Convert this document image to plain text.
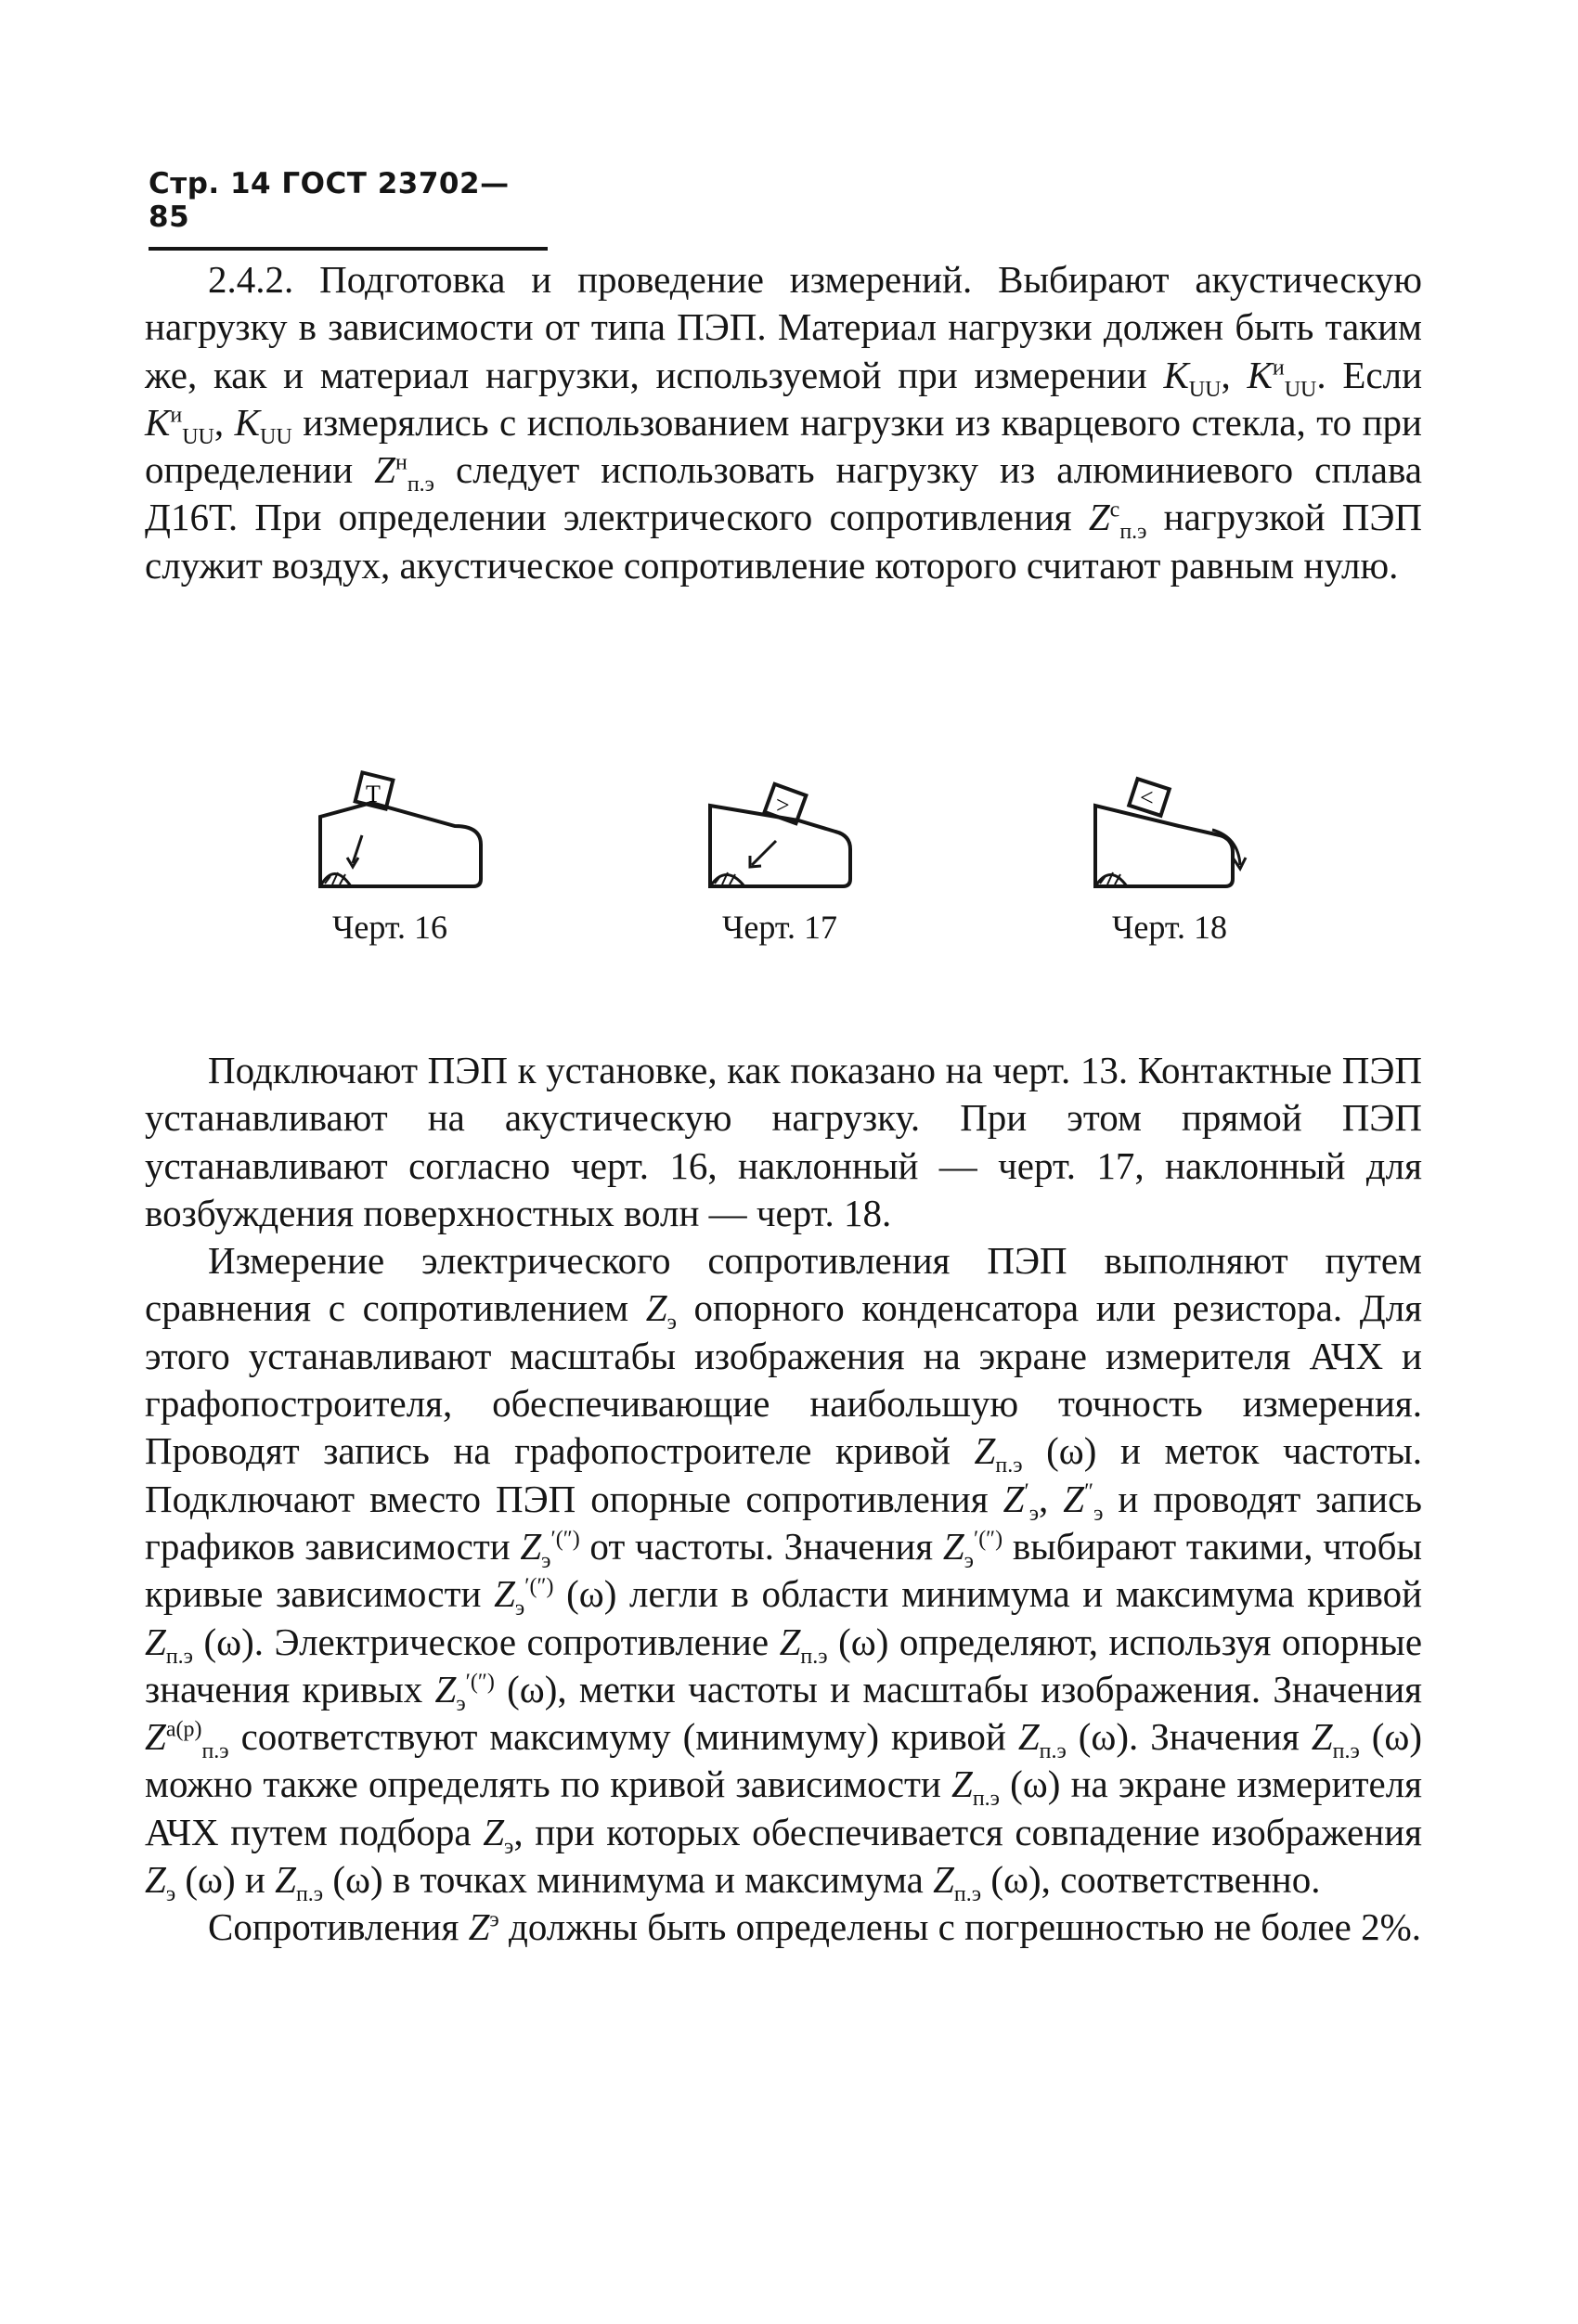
Стр. 14 ГОСТ 23702—85

2.4.2. Подготовка и проведение измерений. Выбирают акустическую нагрузку в зависимости от типа ПЭП. Материал нагрузки должен быть таким же, как и материал нагрузки, используемой при измерении $K_{UU}$, $K^и_{UU}$. Если $K^и_{UU}$, $K_{UU}$ измерялись с использованием нагрузки из кварцевого стекла, то при определении $Z^н_{п.э}$ следует использовать нагрузку из алюминиевого сплава Д16Т. При определении электрического сопротивления $Z^с_{п.э}$ нагрузкой ПЭП служит воздух, акустическое сопротивление которого считают равным нулю.

T
Черт. 16
>
Черт. 17
<
Черт. 18

Подключают ПЭП к установке, как показано на черт. 13. Контактные ПЭП устанавливают на акустическую нагрузку. При этом прямой ПЭП устанавливают согласно черт. 16, наклонный — черт. 17, наклонный для возбуждения поверхностных волн — черт. 18.

Измерение электрического сопротивления ПЭП выполняют путем сравнения с сопротивлением $Z_э$ опорного конденсатора или резистора. Для этого устанавливают масштабы изображения на экране измерителя АЧХ и графопостроителя, обеспечивающие наибольшую точность измерения. Проводят запись на графопостроителе кривой $Z_{п.э}$ (ω) и меток частоты. Подключают вместо ПЭП опорные сопротивления $Z'_э$, $Z''_э$ и проводят запись графиков зависимости $Z_э^{'('')}$ от частоты. Значения $Z_э^{'('')}$ выбирают такими, чтобы кривые зависимости $Z_э^{'('')}$ (ω) легли в области минимума и максимума кривой $Z_{п.э}$ (ω). Электрическое сопротивление $Z_{п.э}$ (ω) определяют, используя опорные значения кривых $Z_э^{'('')}$ (ω), метки частоты и масштабы изображения. Значения $Z^{а(р)}_{п.э}$ соответствуют максимуму (минимуму) кривой $Z_{п.э}$ (ω). Значения $Z_{п.э}$ (ω) можно также определять по кривой зависимости $Z_{п.э}$ (ω) на экране измерителя АЧХ путем подбора $Z_э$, при которых обеспечивается совпадение изображения $Z_э$ (ω) и $Z_{п.э}$ (ω) в точках минимума и максимума $Z_{п.э}$ (ω), соответственно.

Сопротивления $Z^э$ должны быть определены с погрешностью не более 2%.
